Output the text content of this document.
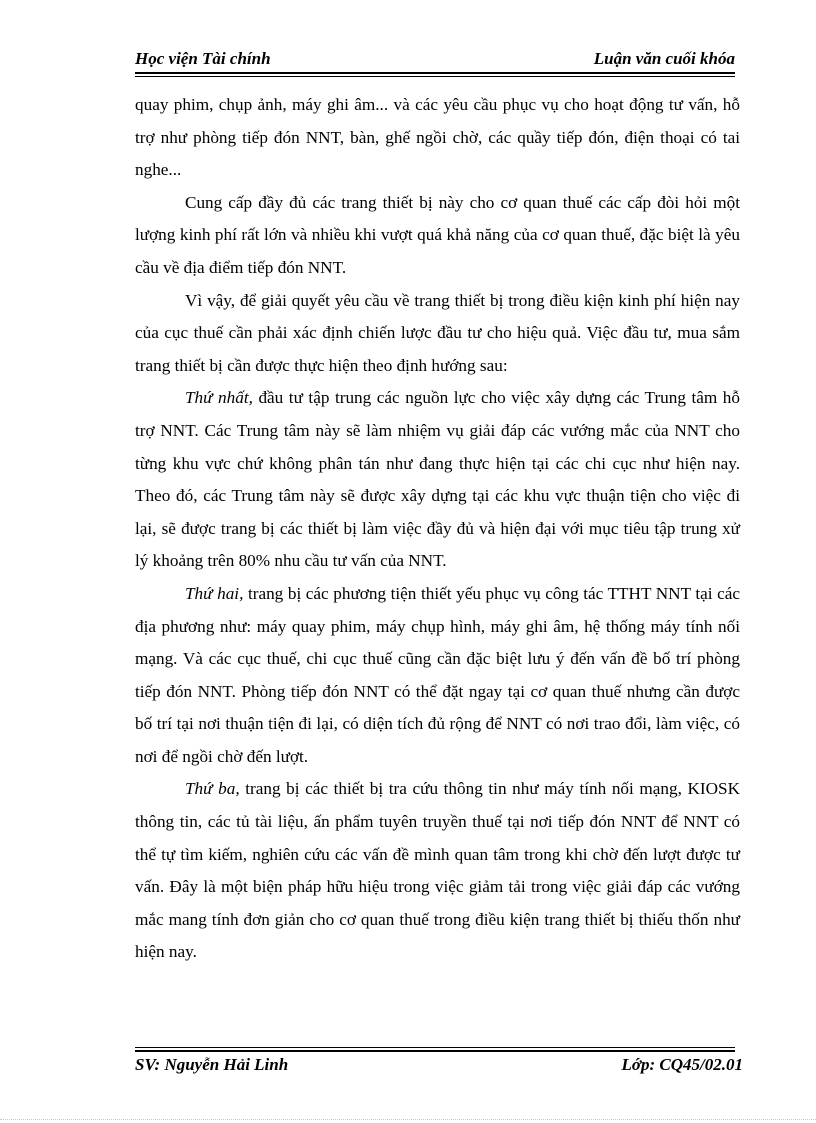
Học viện Tài chính	Luận văn cuối khóa

quay phim, chụp ảnh, máy ghi âm... và các yêu cầu phục vụ cho hoạt động tư vấn, hỗ trợ như phòng tiếp đón NNT, bàn, ghế ngồi chờ, các quầy tiếp đón, điện thoại có tai nghe...

Cung cấp đầy đủ các trang thiết bị này cho cơ quan thuế các cấp đòi hỏi một lượng kinh phí rất lớn và nhiều khi vượt quá khả năng của cơ quan thuế, đặc biệt là yêu cầu về địa điểm tiếp đón NNT.

Vì vậy, để giải quyết yêu cầu về trang thiết bị trong điều kiện kinh phí hiện nay của cục thuế cần phải xác định chiến lược đầu tư cho hiệu quả. Việc đầu tư, mua sắm trang thiết bị cần được thực hiện theo định hướng sau:

Thứ nhất, đầu tư tập trung các nguồn lực cho việc xây dựng các Trung tâm hỗ trợ NNT. Các Trung tâm này sẽ làm nhiệm vụ giải đáp các vướng mắc của NNT cho từng khu vực chứ không phân tán như đang thực hiện tại các chi cục như hiện nay. Theo đó, các Trung tâm này sẽ được xây dựng tại các khu vực thuận tiện cho việc đi lại, sẽ được trang bị các thiết bị làm việc đầy đủ và hiện đại với mục tiêu tập trung xử lý khoảng trên 80% nhu cầu tư vấn của NNT.

Thứ hai, trang bị các phương tiện thiết yếu phục vụ công tác TTHT NNT tại các địa phương như: máy quay phim, máy chụp hình, máy ghi âm, hệ thống máy tính nối mạng. Và các cục thuế, chi cục thuế cũng cần đặc biệt lưu ý đến vấn đề bố trí phòng tiếp đón NNT. Phòng tiếp đón NNT có thể đặt ngay tại cơ quan thuế nhưng cần được bố trí tại nơi thuận tiện đi lại, có diện tích đủ rộng để NNT có nơi trao đổi, làm việc, có nơi để ngồi chờ đến lượt.

Thứ ba, trang bị các thiết bị tra cứu thông tin như máy tính nối mạng, KIOSK thông tin, các tủ tài liệu, ấn phẩm tuyên truyền thuế tại nơi tiếp đón NNT để NNT có thể tự tìm kiếm, nghiên cứu các vấn đề mình quan tâm trong khi chờ đến lượt được tư vấn. Đây là một biện pháp hữu hiệu trong việc giảm tải trong việc giải đáp các vướng mắc mang tính đơn giản cho cơ quan thuế trong điều kiện trang thiết bị thiếu thốn như hiện nay.

SV: Nguyễn Hải Linh	Lớp: CQ45/02.01
